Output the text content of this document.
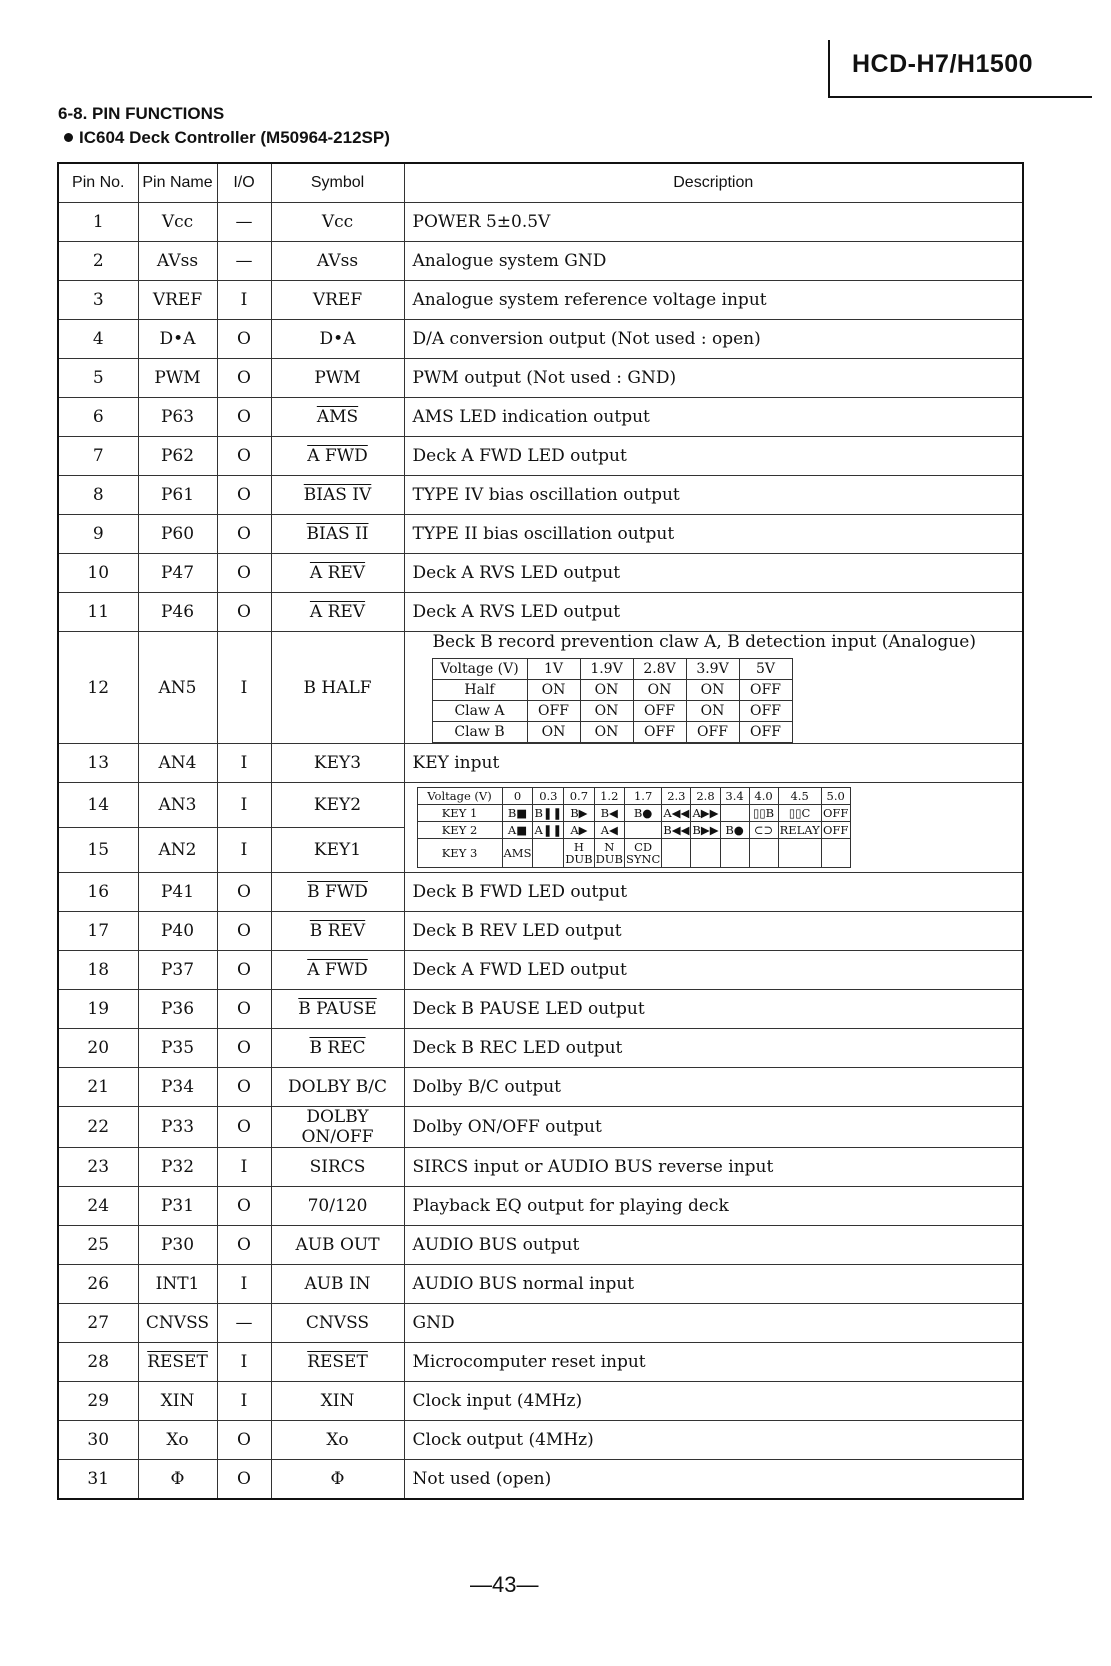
HCD-H7/H1500
6-8. PIN FUNCTIONS
IC604 Deck Controller (M50964-212SP)
Pin No.	Pin Name	I/O	Symbol	Description
1	Vcc	—	Vcc	POWER 5±0.5V
2	AVss	—	AVss	Analogue system GND
3	VREF	I	VREF	Analogue system reference voltage input
4	D•A	O	D•A	D/A conversion output (Not used : open)
5	PWM	O	PWM	PWM output (Not used : GND)
6	P63	O	$\overline{AMS}$	AMS LED indication output
7	P62	O	A FWD	Deck A FWD LED output
8	P61	O	BIAS IV	TYPE IV bias oscillation output
9	P60	O	BIAS II	TYPE II bias oscillation output
10	P47	O	A REV	Deck A RVS LED output
11	P46	O	A REV	Deck A RVS LED output
12	AN5	I	B HALF	
Beck B record prevention claw A, B detection input (Analogue)
Voltage (V)	1V	1.9V	2.8V	3.9V	5V
Half	ON	ON	ON	ON	OFF
Claw A	OFF	ON	OFF	ON	OFF
Claw B	ON	ON	OFF	OFF	OFF

13	AN4	I	KEY3	KEY input
14	AN3	I	KEY2		Voltage (V)	0	0.3	0.7	1.2	1.7	2.3	2.8	3.4	4.0	4.5	5.0
KEY 1	B■	B❚❚	B▶	B◀	B●	A◀◀	A▶▶		▯▯B	▯▯C	OFF
KEY 2	A■	A❚❚	A▶	A◀		B◀◀	B▶▶	B●	⊂⊃	RELAY	OFF
KEY 3	AMS		H DUB	N DUB	CD SYNC						

15	AN2	I	KEY1
16	P41	O	B FWD	Deck B FWD LED output
17	P40	O	B REV	Deck B REV LED output
18	P37	O	A FWD	Deck A FWD LED output
19	P36	O	B PAUSE	Deck B PAUSE LED output
20	P35	O	B REC	Deck B REC LED output
21	P34	O	DOLBY B/C	Dolby B/C output
22	P33	O	DOLBY ON/OFF	Dolby ON/OFF output
23	P32	I	SIRCS	SIRCS input or AUDIO BUS reverse input
24	P31	O	70/120	Playback EQ output for playing deck
25	P30	O	AUB OUT	AUDIO BUS output
26	INT1	I	AUB IN	AUDIO BUS normal input
27	CNVSS	—	CNVSS	GND
28	RESET	I	RESET	Microcomputer reset input
29	XIN	I	XIN	Clock input (4MHz)
30	Xo	O	Xo	Clock output (4MHz)
31	Φ	O	Φ	Not used (open)
—43—
